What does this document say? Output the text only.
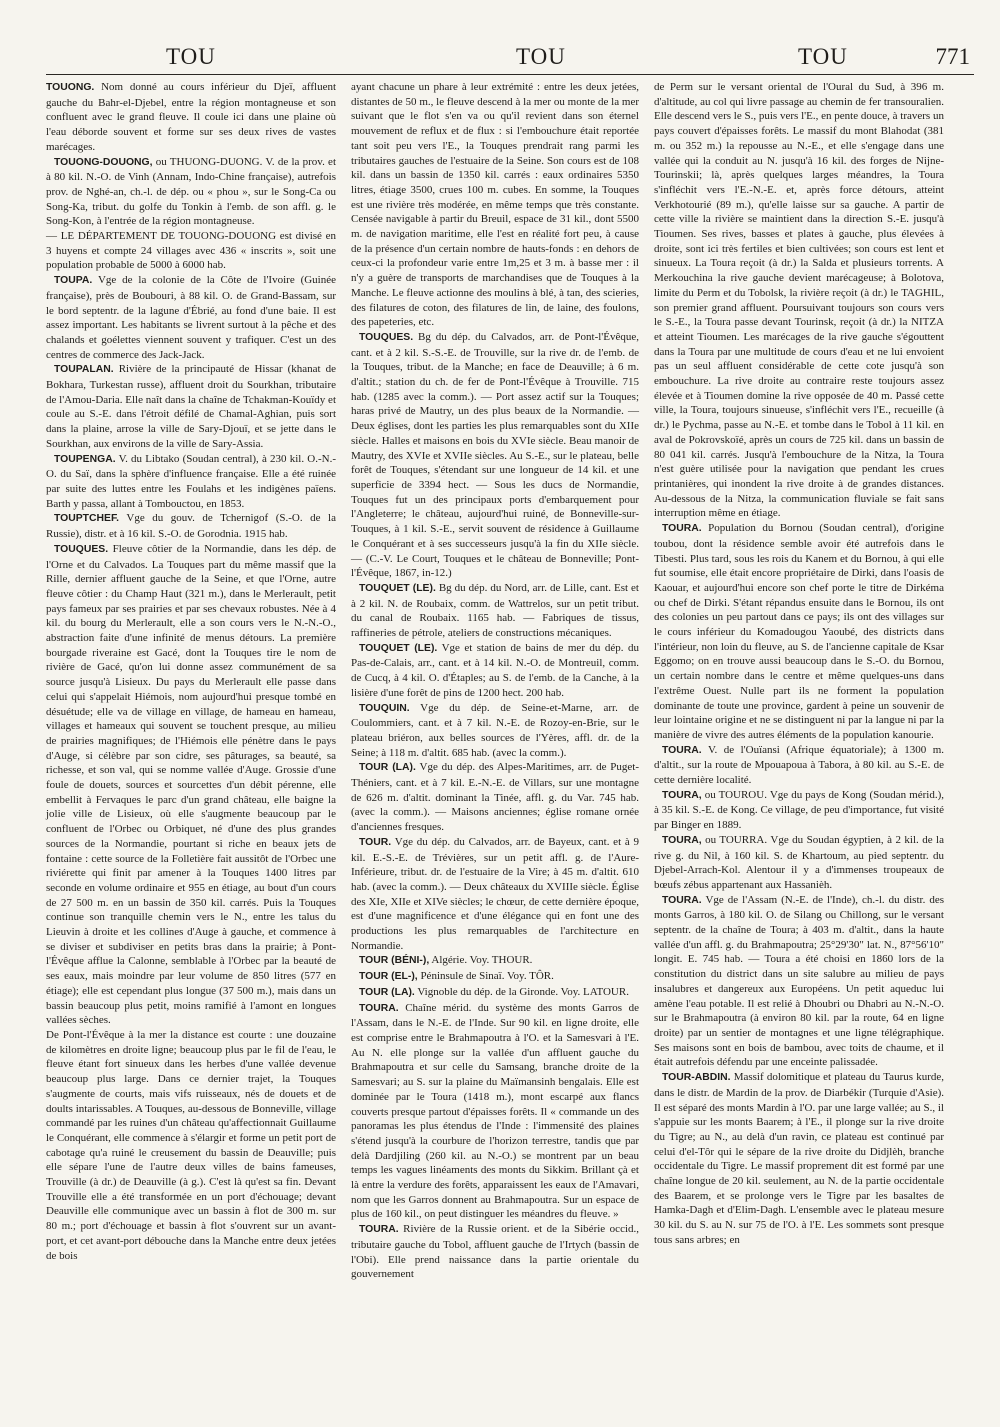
TOU	TOU	TOU	771

TOUONG. Nom donné au cours inférieur du Djeï, affluent gauche du Bahr-el-Djebel, entre la région montagneuse et son confluent avec le grand fleuve. Il coule ici dans une plaine où l'eau déborde souvent et forme sur ses deux rives de vastes marécages.

TOUONG-DOUONG, ou THUONG-DUONG. V. de la prov. et à 80 kil. N.-O. de Vinh (Annam, Indo-Chine française), autrefois prov. de Nghé-an, ch.-l. de dép. ou « phou », sur le Song-Ca ou Song-Ka, tribut. du golfe du Tonkin à l'emb. de son affl. g. le Song-Kon, à l'entrée de la région montagneuse.

— LE DÉPARTEMENT DE TOUONG-DOUONG est divisé en 3 huyens et compte 24 villages avec 436 « inscrits », soit une population probable de 5000 à 6000 hab.

TOUPA. Vge de la colonie de la Côte de l'Ivoire (Guinée française), près de Boubouri, à 88 kil. O. de Grand-Bassam, sur le bord septentr. de la lagune d'Ébrié, au fond d'une baie. Il est assez important. Les habitants se livrent surtout à la pêche et des chalands et goélettes viennent souvent y trafiquer. C'est un des centres de commerce des Jack-Jack.

TOUPALAN. Rivière de la principauté de Hissar (khanat de Bokhara, Turkestan russe), affluent droit du Sourkhan, tributaire de l'Amou-Daria. Elle naît dans la chaîne de Tchakman-Kouïdy et coule au S.-E. dans l'étroit défilé de Chamal-Aghian, puis sort dans la plaine, arrose la ville de Sary-Djouï, et se jette dans le Sourkhan, aux environs de la ville de Sary-Assia.

TOUPENGA. V. du Libtako (Soudan central), à 230 kil. O.-N.-O. du Saï, dans la sphère d'influence française. Elle a été ruinée par suite des luttes entre les Foulahs et les indigènes païens. Barth y passa, allant à Tombouctou, en 1853.

TOUPTCHEF. Vge du gouv. de Tchernigof (S.-O. de la Russie), distr. et à 16 kil. S.-O. de Gorodnia. 1915 hab.

TOUQUES. Fleuve côtier de la Normandie, dans les dép. de l'Orne et du Calvados. La Touques part du même massif que la Rille, dernier affluent gauche de la Seine, et que l'Orne, autre fleuve côtier : du Champ Haut (321 m.), dans le Merlerault, petit pays fameux par ses prairies et par ses chevaux robustes. Née à 4 kil. du bourg du Merlerault, elle a son cours vers le N.-N.-O., abstraction faite d'une infinité de menus détours. La première bourgade riveraine est Gacé, dont la Touques tire le nom de rivière de Gacé, qu'on lui donne assez communément de sa source jusqu'à Lisieux. Du pays du Merlerault elle passe dans celui qui s'appelait Hiémois, nom aujourd'hui presque tombé en désuétude; elle va de village en village, de hameau en hameau, villages et hameaux qui souvent se touchent presque, au milieu de prairies magnifiques; de l'Hiémois elle pénètre dans le pays d'Auge, si célèbre par son cidre, ses pâturages, sa beauté, sa richesse, et son val, qui se nomme vallée d'Auge. Grossie d'une foule de douets, sources et sourcettes d'un débit pérenne, elle embellit à Fervaques le parc d'un grand château, elle baigne la jolie ville de Lisieux, où elle s'augmente beaucoup par le confluent de l'Orbec ou Orbiquet, né d'une des plus grandes sources de la Normandie, pourtant si riche en beaux jets de fontaine : cette source de la Folletière fait aussitôt de l'Orbec une riviérette qui finit par amener à la Touques 1400 litres par seconde en volume ordinaire et 955 en étiage, au bout d'un cours de 27 500 m. en un bassin de 350 kil. carrés. Puis la Touques continue son tranquille chemin vers le N., entre les talus du Lieuvin à droite et les collines d'Auge à gauche, et commence à se diviser et subdiviser en petits bras dans la prairie; à Pont-l'Évêque afflue la Calonne, semblable à l'Orbec par la beauté de ses eaux, mais moindre par leur volume de 850 litres (577 en étiage); elle est cependant plus longue (37 500 m.), mais dans un bassin beaucoup plus petit, moins ramifié à l'amont en longues vallées sèches.

De Pont-l'Évêque à la mer la distance est courte : une douzaine de kilomètres en droite ligne; beaucoup plus par le fil de l'eau, le fleuve étant fort sinueux dans les herbes d'une vallée devenue beaucoup plus large. Dans ce dernier trajet, la Touques s'augmente de courts, mais vifs ruisseaux, nés de douets et de doults intarissables. A Touques, au-dessous de Bonneville, village commandé par les ruines d'un château qu'affectionnait Guillaume le Conquérant, elle commence à s'élargir et forme un petit port de cabotage qu'a ruiné le creusement du bassin de Deauville; puis elle sépare l'une de l'autre deux villes de bains fameuses, Trouville (à dr.) de Deauville (à g.). C'est là qu'est sa fin. Devant Trouville elle a été transformée en un port d'échouage; devant Deauville elle communique avec un bassin à flot de 300 m. sur 80 m.; port d'échouage et bassin à flot s'ouvrent sur un avant-port, et cet avant-port débouche dans la Manche entre deux jetées de bois

ayant chacune un phare à leur extrémité : entre les deux jetées, distantes de 50 m., le fleuve descend à la mer ou monte de la mer suivant que le flot s'en va ou qu'il revient dans son éternel mouvement de reflux et de flux : si l'embouchure était reportée tant soit peu vers l'E., la Touques prendrait rang parmi les tributaires gauches de l'estuaire de la Seine. Son cours est de 108 kil. dans un bassin de 1350 kil. carrés : eaux ordinaires 5350 litres, étiage 3500, crues 100 m. cubes. En somme, la Touques est une rivière très modérée, en même temps que très constante. Censée navigable à partir du Breuil, espace de 31 kil., dont 5500 m. de navigation maritime, elle l'est en réalité fort peu, à cause de la présence d'un certain nombre de hauts-fonds : en dehors de ceux-ci la profondeur varie entre 1m,25 et 3 m. à basse mer : il n'y a guère de transports de marchandises que de Touques à la Manche. Le fleuve actionne des moulins à blé, à tan, des scieries, des filatures de coton, des filatures de lin, de laine, des foulons, des papeteries, etc.

TOUQUES. Bg du dép. du Calvados, arr. de Pont-l'Évêque, cant. et à 2 kil. S.-S.-E. de Trouville, sur la rive dr. de l'emb. de la Touques, tribut. de la Manche; en face de Deauville; à 6 m. d'altit.; station du ch. de fer de Pont-l'Évêque à Trouville. 715 hab. (1285 avec la comm.). — Port assez actif sur la Touques; haras privé de Mautry, un des plus beaux de la Normandie. — Deux églises, dont les parties les plus remarquables sont du XIIe siècle. Halles et maisons en bois du XVIe siècle. Beau manoir de Mautry, des XVIe et XVIIe siècles. Au S.-E., sur le plateau, belle forêt de Touques, s'étendant sur une longueur de 14 kil. et une superficie de 3394 hect. — Sous les ducs de Normandie, Touques fut un des principaux ports d'embarquement pour l'Angleterre; le château, aujourd'hui ruiné, de Bonneville-sur-Touques, à 1 kil. S.-E., servit souvent de résidence à Guillaume le Conquérant et à ses successeurs jusqu'à la fin du XIIe siècle. — (C.-V. Le Court, Touques et le château de Bonneville; Pont-l'Évêque, 1867, in-12.)

TOUQUET (LE). Bg du dép. du Nord, arr. de Lille, cant. Est et à 2 kil. N. de Roubaix, comm. de Wattrelos, sur un petit tribut. du canal de Roubaix. 1165 hab. — Fabriques de tissus, raffineries de pétrole, ateliers de constructions mécaniques.

TOUQUET (LE). Vge et station de bains de mer du dép. du Pas-de-Calais, arr., cant. et à 14 kil. N.-O. de Montreuil, comm. de Cucq, à 4 kil. O. d'Étaples; au S. de l'emb. de la Canche, à la lisière d'une forêt de pins de 1200 hect. 200 hab.

TOUQUIN. Vge du dép. de Seine-et-Marne, arr. de Coulommiers, cant. et à 7 kil. N.-E. de Rozoy-en-Brie, sur le plateau briéron, aux belles sources de l'Yères, affl. dr. de la Seine; à 118 m. d'altit. 685 hab. (avec la comm.).

TOUR (LA). Vge du dép. des Alpes-Maritimes, arr. de Puget-Théniers, cant. et à 7 kil. E.-N.-E. de Villars, sur une montagne de 626 m. d'altit. dominant la Tinée, affl. g. du Var. 745 hab. (avec la comm.). — Maisons anciennes; église romane ornée d'anciennes fresques.

TOUR. Vge du dép. du Calvados, arr. de Bayeux, cant. et à 9 kil. E.-S.-E. de Trévières, sur un petit affl. g. de l'Aure-Inférieure, tribut. dr. de l'estuaire de la Vire; à 45 m. d'altit. 610 hab. (avec la comm.). — Deux châteaux du XVIIIe siècle. Église des XIe, XIIe et XIVe siècles; le chœur, de cette dernière époque, est d'une magnificence et d'une élégance qui en font une des productions les plus remarquables de l'architecture en Normandie.

TOUR (BÉNI-), Algérie. Voy. THOUR.

TOUR (EL-), Péninsule de Sinaï. Voy. TÔR.

TOUR (LA). Vignoble du dép. de la Gironde. Voy. LATOUR.

TOURA. Chaîne mérid. du système des monts Garros de l'Assam, dans le N.-E. de l'Inde. Sur 90 kil. en ligne droite, elle est comprise entre le Brahmapoutra à l'O. et la Samesvari à l'E. Au N. elle plonge sur la vallée d'un affluent gauche du Brahmapoutra et sur celle du Samsang, branche droite de la Samesvari; au S. sur la plaine du Maïmansinh bengalais. Elle est dominée par le Toura (1418 m.), mont escarpé aux flancs couverts presque partout d'épaisses forêts. Il « commande un des panoramas les plus étendus de l'Inde : l'immensité des plaines s'étend jusqu'à la courbure de l'horizon terrestre, tandis que par delà Dardjiling (260 kil. au N.-O.) se montrent par un beau temps les vagues linéaments des monts du Sikkim. Brillant çà et là entre la verdure des forêts, apparaissent les eaux de l'Amavari, nom que les Garros donnent au Brahmapoutra. Sur un espace de plus de 160 kil., on peut distinguer les méandres du fleuve. »

TOURA. Rivière de la Russie orient. et de la Sibérie occid., tributaire gauche du Tobol, affluent gauche de l'Irtych (bassin de l'Obi). Elle prend naissance dans la partie orientale du gouvernement

de Perm sur le versant oriental de l'Oural du Sud, à 396 m. d'altitude, au col qui livre passage au chemin de fer transouralien. Elle descend vers le S., puis vers l'E., en pente douce, à travers un pays couvert d'épaisses forêts. Le massif du mont Blahodat (381 m. ou 352 m.) la repousse au N.-E., et elle s'engage dans une vallée qui la conduit au N. jusqu'à 16 kil. des forges de Nijne-Tourinskii; là, après quelques larges méandres, la Toura s'infléchit vers l'E.-N.-E. et, après force détours, atteint Verkhotourié (89 m.), qu'elle laisse sur sa gauche. A partir de cette ville la rivière se maintient dans la direction S.-E. jusqu'à Tioumen. Ses rives, basses et plates à gauche, plus élevées à droite, sont ici très fertiles et bien cultivées; son cours est lent et sinueux. La Toura reçoit (à dr.) la Salda et plusieurs torrents. A Merkouchina la rive gauche devient marécageuse; à Bolotova, limite du Perm et du Tobolsk, la rivière reçoit (à dr.) le TAGHIL, son premier grand affluent. Poursuivant toujours son cours vers le S.-E., la Toura passe devant Tourinsk, reçoit (à dr.) la NITZA et atteint Tioumen. Les marécages de la rive gauche s'égouttent dans la Toura par une multitude de cours d'eau et ne lui envoient pas un seul affluent considérable de cette cote jusqu'à son embouchure. La rive droite au contraire reste toujours assez élevée et à Tioumen domine la rive opposée de 40 m. Passé cette ville, la Toura, toujours sinueuse, s'infléchit vers l'E., recueille (à dr.) le Pychma, passe au N.-E. et tombe dans le Tobol à 11 kil. en aval de Pokrovskoïé, après un cours de 725 kil. dans un bassin de 80 041 kil. carrés. Jusqu'à l'embouchure de la Nitza, la Toura n'est guère utilisée pour la navigation que pendant les crues printanières, qui inondent la rive droite à de grandes distances. Au-dessous de la Nitza, la communication fluviale se fait sans interruption même en étiage.

TOURA. Population du Bornou (Soudan central), d'origine toubou, dont la résidence semble avoir été autrefois dans le Tibesti. Plus tard, sous les rois du Kanem et du Bornou, à qui elle fut soumise, elle était encore propriétaire de Dirki, dans l'oasis de Kaouar, et aujourd'hui encore son chef porte le titre de Dirkéma ou chef de Dirki. S'étant répandus ensuite dans le Bornou, ils ont des colonies un peu partout dans ce pays; ils ont des villages sur le cours inférieur du Komadougou Yaoubé, des districts dans l'intérieur, non loin du fleuve, au S. de l'ancienne capitale de Ksar Eggomo; on en trouve aussi beaucoup dans le S.-O. du Bornou, un certain nombre dans le centre et même quelques-uns dans l'extrême Ouest. Nulle part ils ne forment la population dominante de toute une province, gardent à peine un souvenir de leur lointaine origine et ne se distinguent ni par la langue ni par la manière de vivre des autres éléments de la population kanourie.

TOURA. V. de l'Ouïansi (Afrique équatoriale); à 1300 m. d'altit., sur la route de Mpouapoua à Tabora, à 80 kil. au S.-E. de cette dernière localité.

TOURA, ou TOUROU. Vge du pays de Kong (Soudan mérid.), à 35 kil. S.-E. de Kong. Ce village, de peu d'importance, fut visité par Binger en 1889.

TOURA, ou TOURRA. Vge du Soudan égyptien, à 2 kil. de la rive g. du Nil, à 160 kil. S. de Khartoum, au pied septentr. du Djebel-Arrach-Kol. Alentour il y a d'immenses troupeaux de bœufs zébus appartenant aux Hassanièh.

TOURA. Vge de l'Assam (N.-E. de l'Inde), ch.-l. du distr. des monts Garros, à 180 kil. O. de Silang ou Chillong, sur le versant septentr. de la chaîne de Toura; à 403 m. d'altit., dans la haute vallée d'un affl. g. du Brahmapoutra; 25°29'30" lat. N., 87°56'10" longit. E. 745 hab. — Toura a été choisi en 1860 lors de la constitution du district dans un site salubre au milieu de pays insalubres et dangereux aux Européens. Un petit aqueduc lui amène l'eau potable. Il est relié à Dhoubri ou Dhabri au N.-N.-O. sur le Brahmapoutra (à environ 80 kil. par la route, 64 en ligne droite) par un sentier de montagnes et une ligne télégraphique. Ses maisons sont en bois de bambou, avec toits de chaume, et il était autrefois défendu par une enceinte palissadée.

TOUR-ABDIN. Massif dolomitique et plateau du Taurus kurde, dans le distr. de Mardin de la prov. de Diarbékir (Turquie d'Asie). Il est séparé des monts Mardin à l'O. par une large vallée; au S., il s'appuie sur les monts Baarem; à l'E., il plonge sur la rive droite du Tigre; au N., au delà d'un ravin, ce plateau est continué par celui d'el-Tôr qui le sépare de la rive droite du Didjlèh, branche occidentale du Tigre. Le massif proprement dit est formé par une chaîne longue de 20 kil. seulement, au N. de la partie occidentale des Baarem, et se prolonge vers le Tigre par les basaltes de Hamka-Dagh et d'Elim-Dagh. L'ensemble avec le plateau mesure 30 kil. du S. au N. sur 75 de l'O. à l'E. Les sommets sont presque tous sans arbres; en
